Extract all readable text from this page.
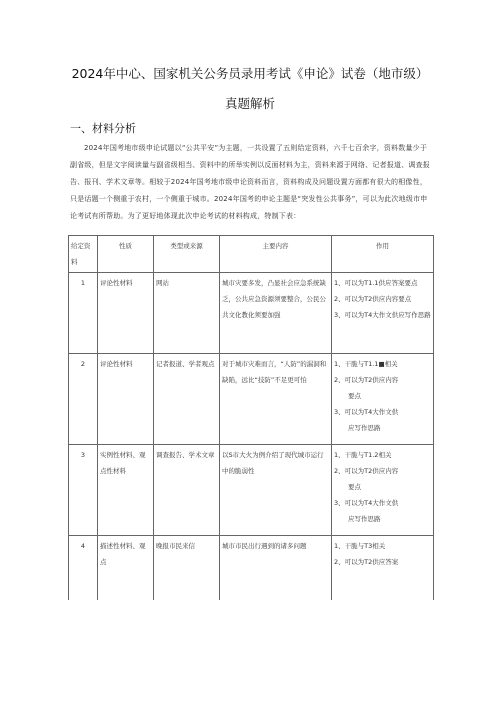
2024年中心、国家机关公务员录用考试《申论》试卷（地市级）
真题解析
一、材料分析
2024年国考地市级申论试题以“公共平安”为主题，一共设置了五则给定资料，六千七百余字，资料数量少于副省级，但是文字阅读量与副省级相当、资料中的所举实例以反面材料为主，资料来源于网络、记者报道、调查报告、报刊、学术文章等。相较于2024年国考地市级申论资料而言，资料构成及问题设置方面都有很大的相像性，只是话题一个侧重于农村，一个侧重于城市。2024年国考的申论主题是“突发性公共事务”，可以为此次地级市申论考试有所帮助。为了更好地体现此次申论考试的材料构成，特制下表：
给定资料	性质	类型或来源	主要内容	作用
1	评论性材料	网站	城市灾要多发，凸显社会应急系统缺乏，公共应急资源须要整合，公民公共文化教化须要加强	1、可以为T1.1供应答案要点
2、可以为T2供应内容要点
3、可以为T4大作文供应写作思路

2	评论性材料	记者报道、学者观点	对于城市灾难而言，“人防”的漏洞和缺陷，远比“技防”不足更可怕	1、干脆与T1.1■相关
2、可以为T2供应内容
要点
3、可以为T4大作文供
应写作思路

3	实例性材料、观点性材料	调查报告、学术文章	以S市大火为例介绍了现代城市运行中的脆弱性	1、干脆与T1.2相关
2、可以为T2供应内容
要点
3、可以为T4大作文供
应写作思路

4	描述性材料、观点	晚报市民来信	城市市民出行遇到的诸多问题	1、干脆与T3相关
2、可以为T2供应答案
